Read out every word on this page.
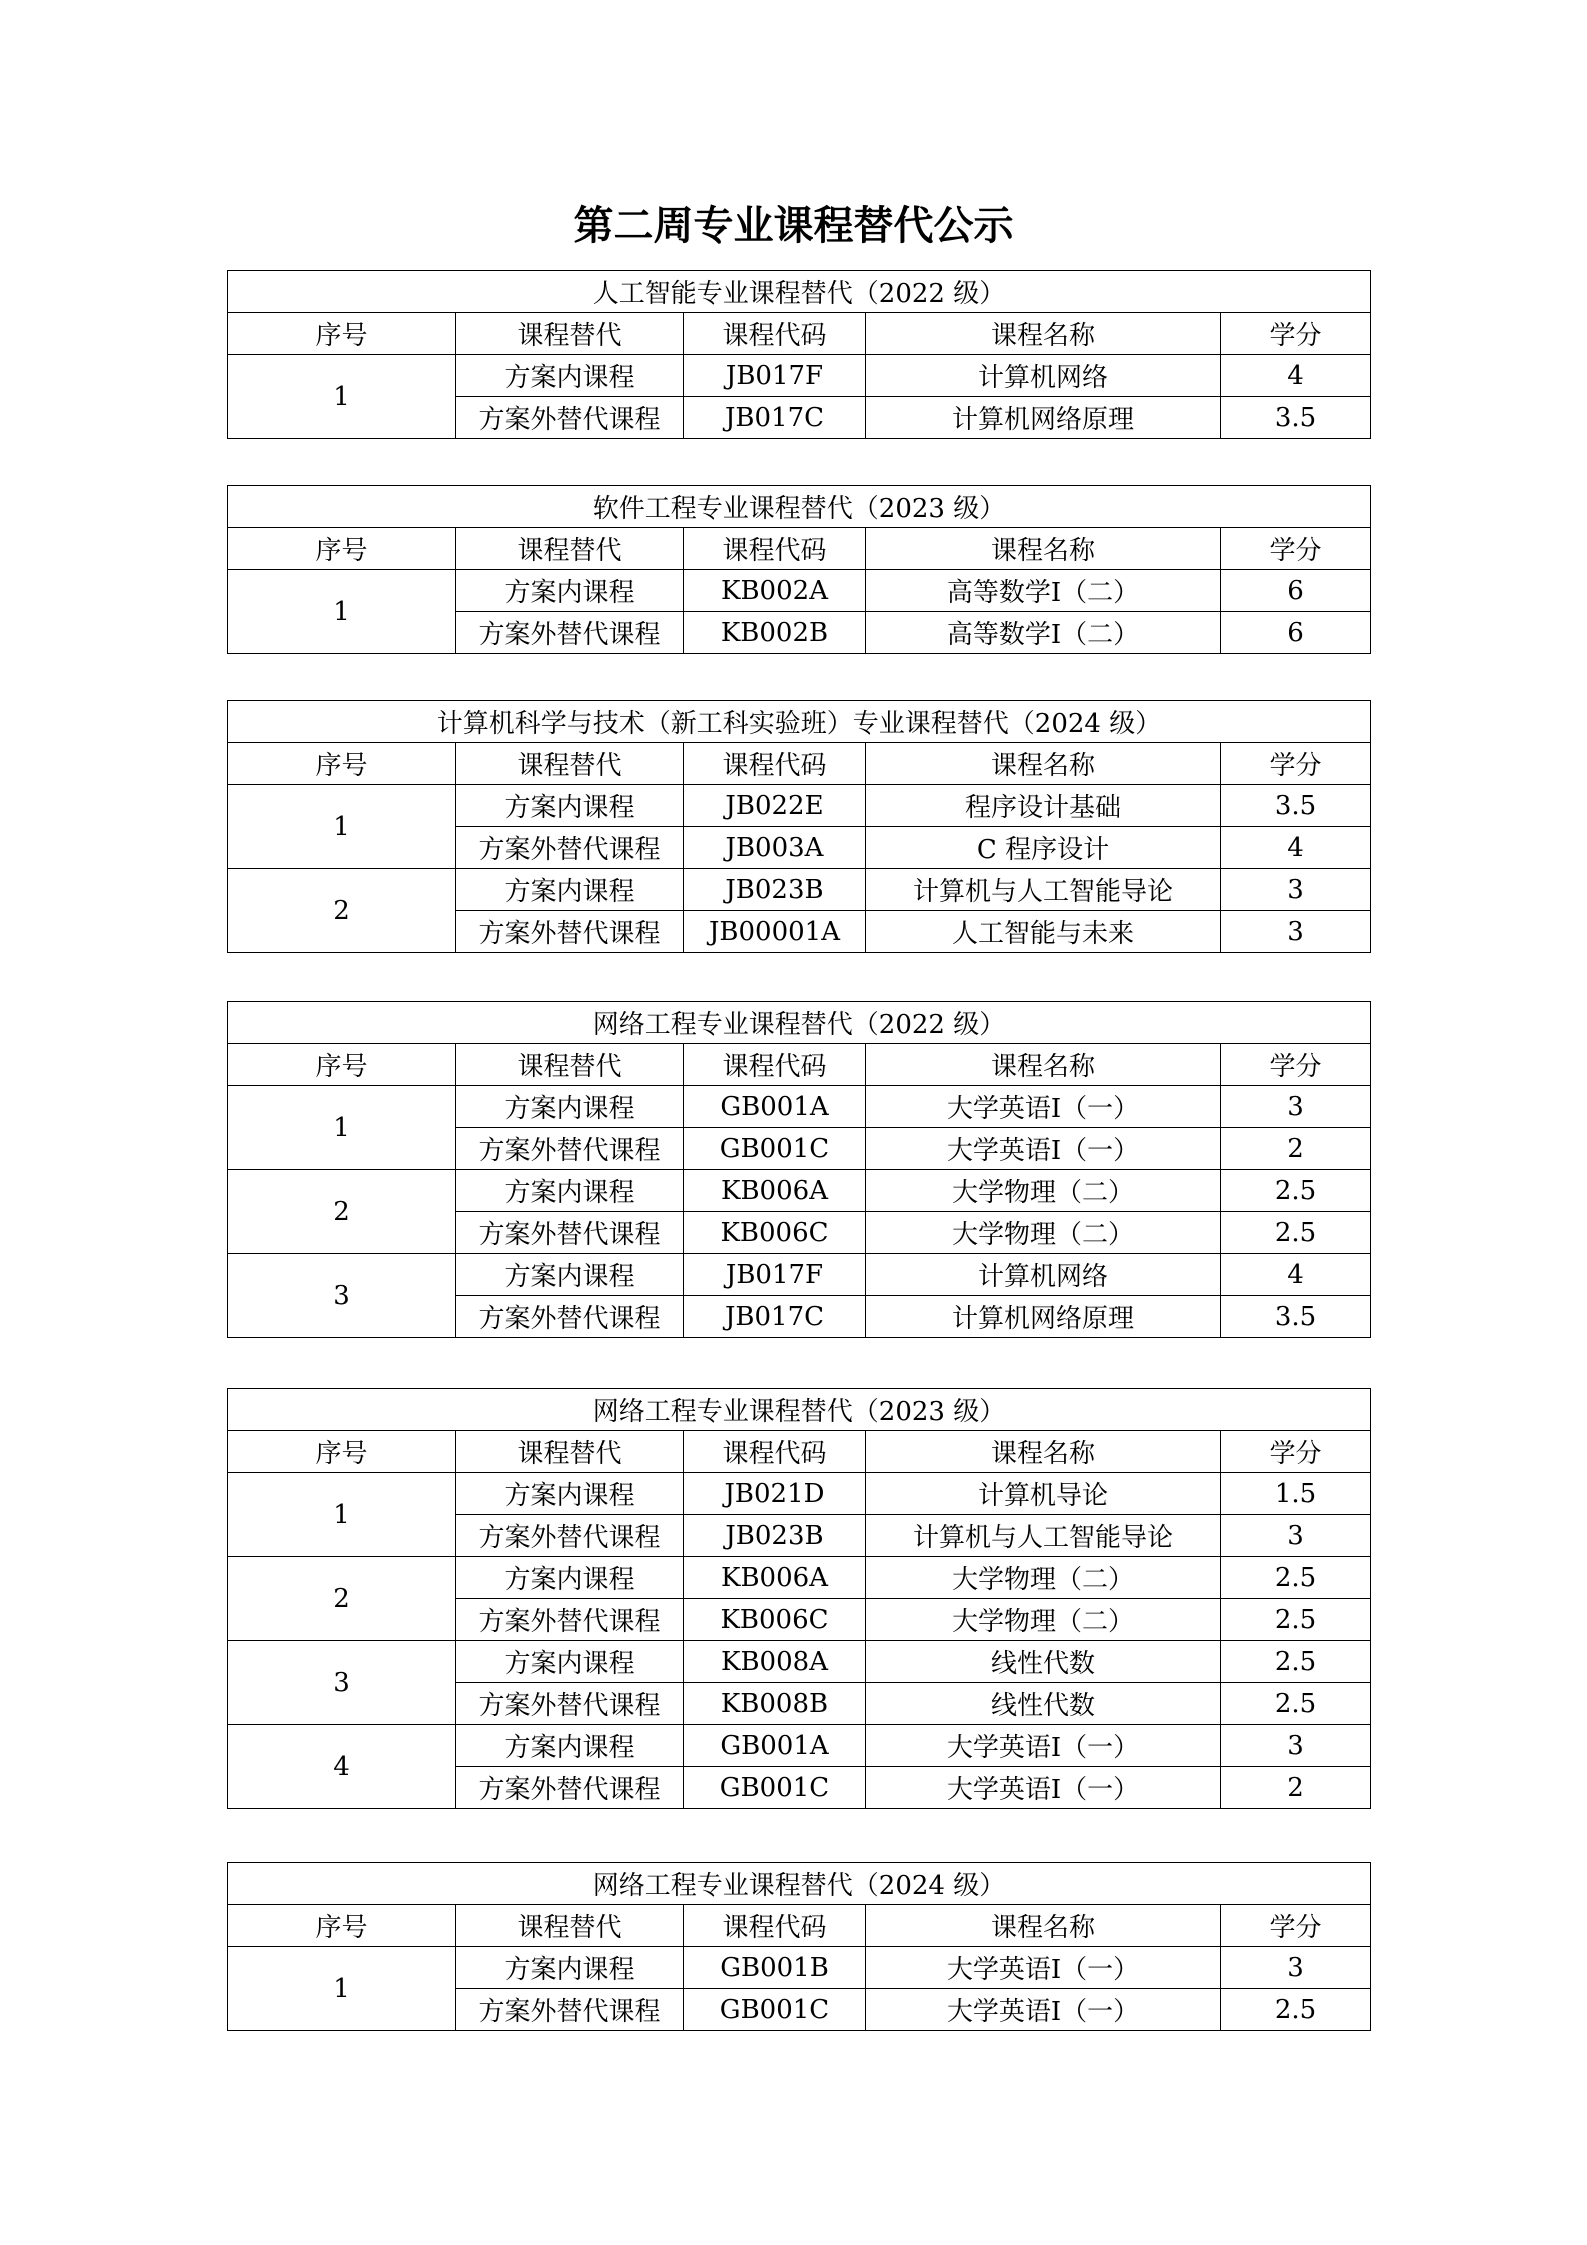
第二周专业课程替代公示
人工智能专业课程替代（2022 级）				
序号	课程替代	课程代码	课程名称	学分
1	方案内课程	JB017F	计算机网络	4
	方案外替代课程	JB017C	计算机网络原理	3.5
软件工程专业课程替代（2023 级）				
序号	课程替代	课程代码	课程名称	学分
1	方案内课程	KB002A	高等数学Ⅰ（二）	6
	方案外替代课程	KB002B	高等数学Ⅰ（二）	6
计算机科学与技术（新工科实验班）专业课程替代（2024 级）				
序号	课程替代	课程代码	课程名称	学分
1	方案内课程	JB022E	程序设计基础	3.5
	方案外替代课程	JB003A	C 程序设计	4
2	方案内课程	JB023B	计算机与人工智能导论	3
	方案外替代课程	JB00001A	人工智能与未来	3
网络工程专业课程替代（2022 级）				
序号	课程替代	课程代码	课程名称	学分
1	方案内课程	GB001A	大学英语Ⅰ（一）	3
	方案外替代课程	GB001C	大学英语Ⅰ（一）	2
2	方案内课程	KB006A	大学物理（二）	2.5
	方案外替代课程	KB006C	大学物理（二）	2.5
3	方案内课程	JB017F	计算机网络	4
	方案外替代课程	JB017C	计算机网络原理	3.5
网络工程专业课程替代（2023 级）				
序号	课程替代	课程代码	课程名称	学分
1	方案内课程	JB021D	计算机导论	1.5
	方案外替代课程	JB023B	计算机与人工智能导论	3
2	方案内课程	KB006A	大学物理（二）	2.5
	方案外替代课程	KB006C	大学物理（二）	2.5
3	方案内课程	KB008A	线性代数	2.5
	方案外替代课程	KB008B	线性代数	2.5
4	方案内课程	GB001A	大学英语Ⅰ（一）	3
	方案外替代课程	GB001C	大学英语Ⅰ（一）	2
网络工程专业课程替代（2024 级）				
序号	课程替代	课程代码	课程名称	学分
1	方案内课程	GB001B	大学英语Ⅰ（一）	3
	方案外替代课程	GB001C	大学英语Ⅰ（一）	2.5
